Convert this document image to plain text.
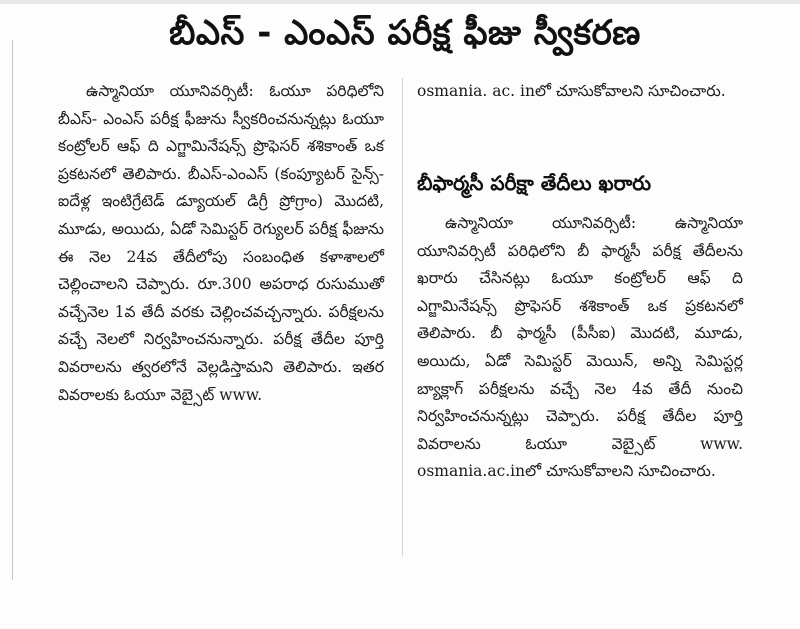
బీఎస్ - ఎంఎస్ పరీక్ష ఫీజు స్వీకరణ

ఉస్మానియా యూనివర్సిటీ: ఓయూ పరిధిలోని బీఎస్- ఎంఎస్ పరీక్ష ఫీజును స్వీకరించనున్నట్లు ఓయూ కంట్రోలర్ ఆఫ్ ది ఎగ్జామినేషన్స్ ప్రొఫెసర్ శశికాంత్ ఒక ప్రకటనలో తెలిపారు. బీఎస్-ఎంఎస్ (కంప్యూటర్ సైన్స్- ఐదేళ్ల ఇంటిగ్రేటెడ్ డ్యూయల్ డిగ్రీ ప్రోగ్రాం) మొదటి, మూడు, అయిదు, ఏడో సెమిస్టర్ రెగ్యులర్ పరీక్ష ఫీజును ఈ నెల 24వ తేదీలోపు సంబంధిత కళాశాలలో చెల్లించాలని చెప్పారు. రూ.300 అపరాధ రుసుముతో వచ్చేనెల 1వ తేదీ వరకు చెల్లించవచ్చన్నారు. పరీక్షలను వచ్చే నెలలో నిర్వహించనున్నారు. పరీక్ష తేదీల పూర్తి వివరాలను త్వరలోనే వెల్లడిస్తామని తెలిపారు. ఇతర వివరాలకు ఓయూ వెబ్సైట్ www.

osmania. ac. inలో చూసుకోవాలని సూచించారు.

బీఫార్మసీ పరీక్షా తేదీలు ఖరారు

ఉస్మానియా యూనివర్సిటీ: ఉస్మానియా యూనివర్సిటీ పరిధిలోని బీ ఫార్మసీ పరీక్ష తేదీలను ఖరారు చేసినట్లు ఓయూ కంట్రోలర్ ఆఫ్ ది ఎగ్జామినేషన్స్ ప్రొఫెసర్ శశికాంత్ ఒక ప్రకటనలో తెలిపారు. బీ ఫార్మసీ (పీసీఐ) మొదటి, మూడు, అయిదు, ఏడో సెమిస్టర్ మెయిన్, అన్ని సెమిస్టర్ల బ్యాక్లాగ్ పరీక్షలను వచ్చే నెల 4వ తేదీ నుంచి నిర్వహించనున్నట్లు చెప్పారు. పరీక్ష తేదీల పూర్తి వివరాలను ఓయూ వెబ్సైట్ www. osmania.ac.inలో చూసుకోవాలని సూచించారు.
